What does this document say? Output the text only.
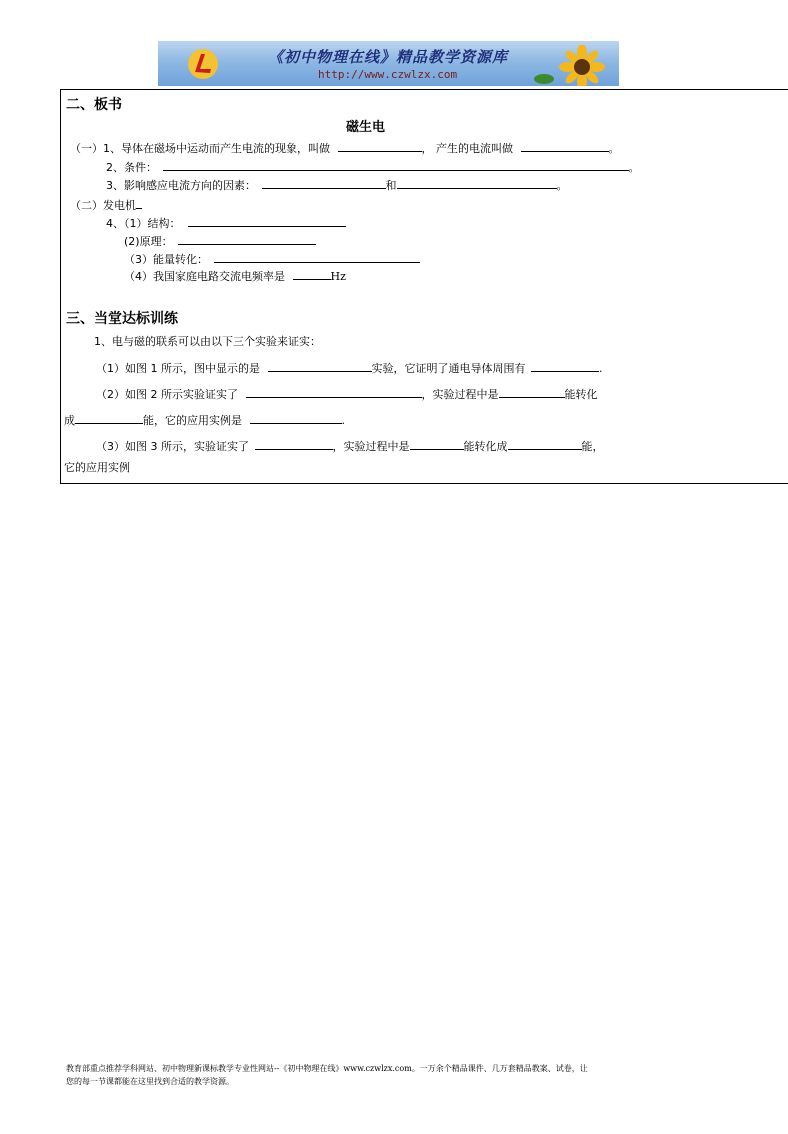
《初中物理在线》精品教学资源库
http://www.czwlzx.com
二、板书
磁生电
（一）1、导体在磁场中运动而产生电流的现象，叫做	， 产生的电流叫做	。
2、条件：	。
3、影响感应电流方向的因素：	和	。
（二）发电机
4、（1）结构：
(2)原理：
（3）能量转化：
（4）我国家庭电路交流电频率是	Hz
三、当堂达标训练
1、电与磁的联系可以由以下三个实验来证实：
（1）如图 1 所示，图中显示的是	实验，它证明了通电导体周围有	.
（2）如图 2 所示实验证实了	，实验过程中是	能转化
成	能，它的应用实例是	.
（3）如图 3 所示，实验证实了	，实验过程中是	能转化成	能，
它的应用实例
教育部重点推荐学科网站、初中物理新课标教学专业性网站--《初中物理在线》www.czwlzx.com。一万余个精品课件、几万套精品教案、试卷，让
您的每一节课都能在这里找到合适的教学资源。
